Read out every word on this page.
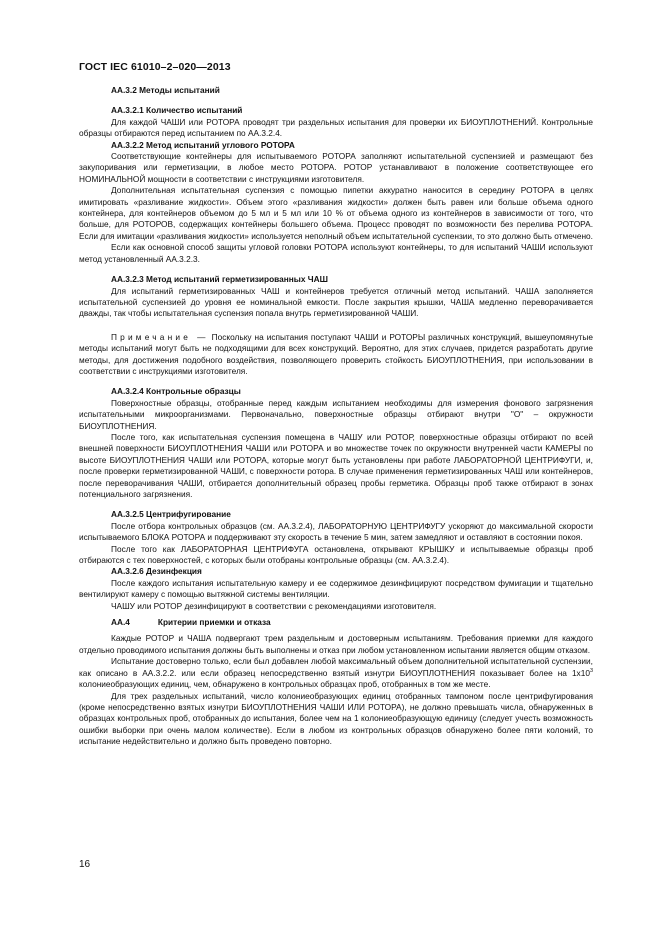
ГОСТ IEC 61010–2–020—2013

АА.3.2 Методы испытаний

АА.3.2.1 Количество испытаний

Для каждой ЧАШИ или РОТОРА проводят три раздельных испытания для проверки их БИОУПЛОТНЕНИЙ. Контрольные образцы отбираются перед испытанием по АА.3.2.4.

АА.3.2.2 Метод испытаний углового РОТОРА

Соответствующие контейнеры для испытываемого РОТОРА заполняют испытательной суспензией и размещают без закупоривания или герметизации, в любое место РОТОРА. РОТОР устанавливают в положение соответствующее его НОМИНАЛЬНОЙ мощности в соответствии с инструкциями изготовителя.

Дополнительная испытательная суспензия с помощью пипетки аккуратно наносится в середину РОТОРА в целях имитировать «разливание жидкости». Объем этого «разливания жидкости» должен быть равен или больше объема одного контейнера, для контейнеров объемом до 5 мл и 5 мл или 10 % от объема одного из контейнеров в зависимости от того, что больше, для РОТОРОВ, содержащих контейнеры большего объема. Процесс проводят по возможности без перелива РОТОРА. Если для имитации «разливания жидкости» используется неполный объем испытательной суспензии, то это должно быть отмечено.

Если как основной способ защиты угловой головки РОТОРА используют контейнеры, то для испытаний ЧАШИ используют метод установленный АА.3.2.3.

АА.3.2.3 Метод испытаний герметизированных ЧАШ

Для испытаний герметизированных ЧАШ и контейнеров требуется отличный метод испытаний. ЧАША заполняется испытательной суспензией до уровня ее номинальной емкости. После закрытия крышки, ЧАША медленно переворачивается дважды, так чтобы испытательная суспензия попала внутрь герметизированной ЧАШИ.

Примечание — Поскольку на испытания поступают ЧАШИ и РОТОРЫ различных конструкций, вышеупомянутые методы испытаний могут быть не подходящими для всех конструкций. Вероятно, для этих случаев, придется разработать другие методы, для достижения подобного воздействия, позволяющего проверить стойкость БИОУПЛОТНЕНИЯ, при использовании в соответствии с инструкциями изготовителя.

АА.3.2.4 Контрольные образцы

Поверхностные образцы, отобранные перед каждым испытанием необходимы для измерения фонового загрязнения испытательными микроорганизмами. Первоначально, поверхностные образцы отбирают внутри "О" – окружности БИОУПЛОТНЕНИЯ.

После того, как испытательная суспензия помещена в ЧАШУ или РОТОР, поверхностные образцы отбирают по всей внешней поверхности БИОУПЛОТНЕНИЯ ЧАШИ или РОТОРА и во множестве точек по окружности внутренней части КАМЕРЫ по высоте БИОУПЛОТНЕНИЯ ЧАШИ или РОТОРА, которые могут быть установлены при работе ЛАБОРАТОРНОЙ ЦЕНТРИФУГИ, и, после проверки герметизированной ЧАШИ, с поверхности ротора. В случае применения герметизированных ЧАШ или контейнеров, после переворачивания ЧАШИ, отбирается дополнительный образец пробы герметика. Образцы проб также отбирают в зонах потенциального загрязнения.

АА.3.2.5 Центрифугирование

После отбора контрольных образцов (см. АА.3.2.4), ЛАБОРАТОРНУЮ ЦЕНТРИФУГУ ускоряют до максимальной скорости испытываемого БЛОКА РОТОРА и поддерживают эту скорость в течение 5 мин, затем замедляют и оставляют в состоянии покоя.

После того как ЛАБОРАТОРНАЯ ЦЕНТРИФУГА остановлена, открывают КРЫШКУ и испытываемые образцы проб отбираются с тех поверхностей, с которых были отобраны контрольные образцы (см. АА.3.2.4).

АА.3.2.6 Дезинфекция

После каждого испытания испытательную камеру и ее содержимое дезинфицируют посредством фумигации и тщательно вентилируют камеру с помощью вытяжной системы вентиляции.

ЧАШУ или РОТОР дезинфицируют в соответствии с рекомендациями изготовителя.

АА.4	Критерии приемки и отказа

Каждые РОТОР и ЧАША подвергают трем раздельным и достоверным испытаниям. Требования приемки для каждого отдельно проводимого испытания должны быть выполнены и отказ при любом установленном испытании является общим отказом.

Испытание достоверно только, если был добавлен любой максимальный объем дополнительной испытательной суспензии, как описано в АА.3.2.2. или если образец непосредственно взятый изнутри БИОУПЛОТНЕНИЯ показывает более на $1х10^3$ колониеобразующих единиц, чем, обнаружено в контрольных образцах проб, отобранных в том же месте.

Для трех раздельных испытаний, число колониеобразующих единиц отобранных тампоном после центрифугирования (кроме непосредственно взятых изнутри БИОУПЛОТНЕНИЯ ЧАШИ ИЛИ РОТОРА), не должно превышать числа, обнаруженных в образцах контрольных проб, отобранных до испытания, более чем на 1 колониеобразующую единицу (следует учесть возможность ошибки выборки при очень малом количестве). Если в любом из контрольных образцов обнаружено более пяти колоний, то испытание недействительно и должно быть проведено повторно.

16
